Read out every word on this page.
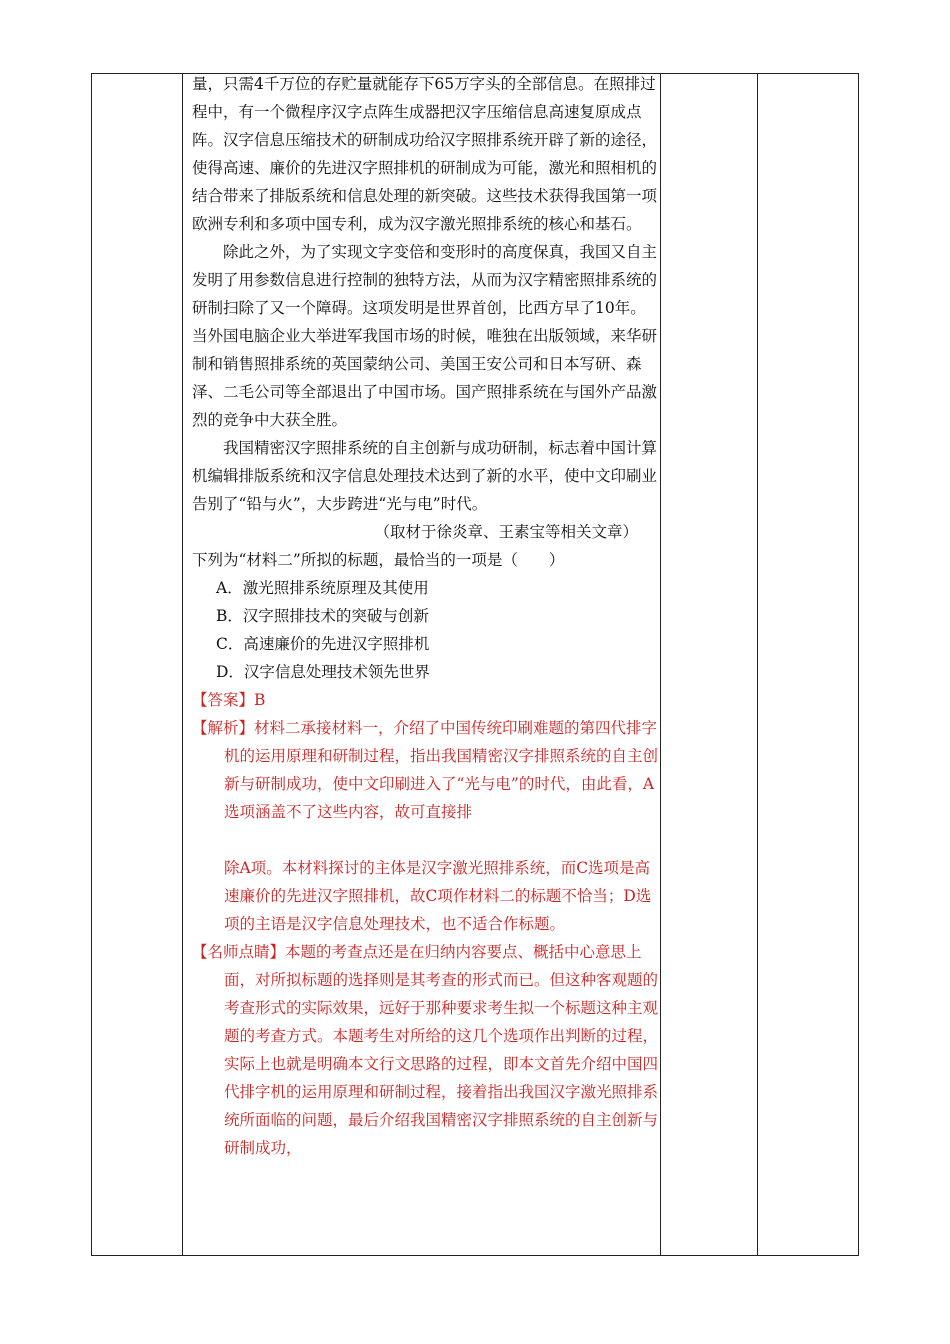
量，只需4千万位的存贮量就能存下65万字头的全部信息。在照排过程中，有一个微程序汉字点阵生成器把汉字压缩信息高速复原成点阵。汉字信息压缩技术的研制成功给汉字照排系统开辟了新的途径，使得高速、廉价的先进汉字照排机的研制成为可能，激光和照相机的结合带来了排版系统和信息处理的新突破。这些技术获得我国第一项欧洲专利和多项中国专利，成为汉字激光照排系统的核心和基石。

除此之外，为了实现文字变倍和变形时的高度保真，我国又自主发明了用参数信息进行控制的独特方法，从而为汉字精密照排系统的研制扫除了又一个障碍。这项发明是世界首创，比西方早了10年。当外国电脑企业大举进军我国市场的时候，唯独在出版领域，来华研制和销售照排系统的英国蒙纳公司、美国王安公司和日本写研、森泽、二毛公司等全部退出了中国市场。国产照排系统在与国外产品激烈的竞争中大获全胜。

我国精密汉字照排系统的自主创新与成功研制，标志着中国计算机编辑排版系统和汉字信息处理技术达到了新的水平，使中文印刷业告别了“铅与火”，大步跨进“光与电”时代。

（取材于徐炎章、王素宝等相关文章）

下列为“材料二”所拟的标题，最恰当的一项是（　　）

A．激光照排系统原理及其使用

B．汉字照排技术的突破与创新

C．高速廉价的先进汉字照排机

D．汉字信息处理技术领先世界

【答案】B

【解析】材料二承接材料一，介绍了中国传统印刷难题的第四代排字机的运用原理和研制过程，指出我国精密汉字排照系统的自主创新与研制成功，使中文印刷进入了“光与电”的时代，由此看，A选项涵盖不了这些内容，故可直接排

除A项。本材料探讨的主体是汉字激光照排系统，而C选项是高速廉价的先进汉字照排机，故C项作材料二的标题不恰当；D选项的主语是汉字信息处理技术，也不适合作标题。

【名师点睛】本题的考查点还是在归纳内容要点、概括中心意思上面，对所拟标题的选择则是其考查的形式而已。但这种客观题的考查形式的实际效果，远好于那种要求考生拟一个标题这种主观题的考查方式。本题考生对所给的这几个选项作出判断的过程，实际上也就是明确本文行文思路的过程，即本文首先介绍中国四代排字机的运用原理和研制过程，接着指出我国汉字激光照排系统所面临的问题，最后介绍我国精密汉字排照系统的自主创新与研制成功，
